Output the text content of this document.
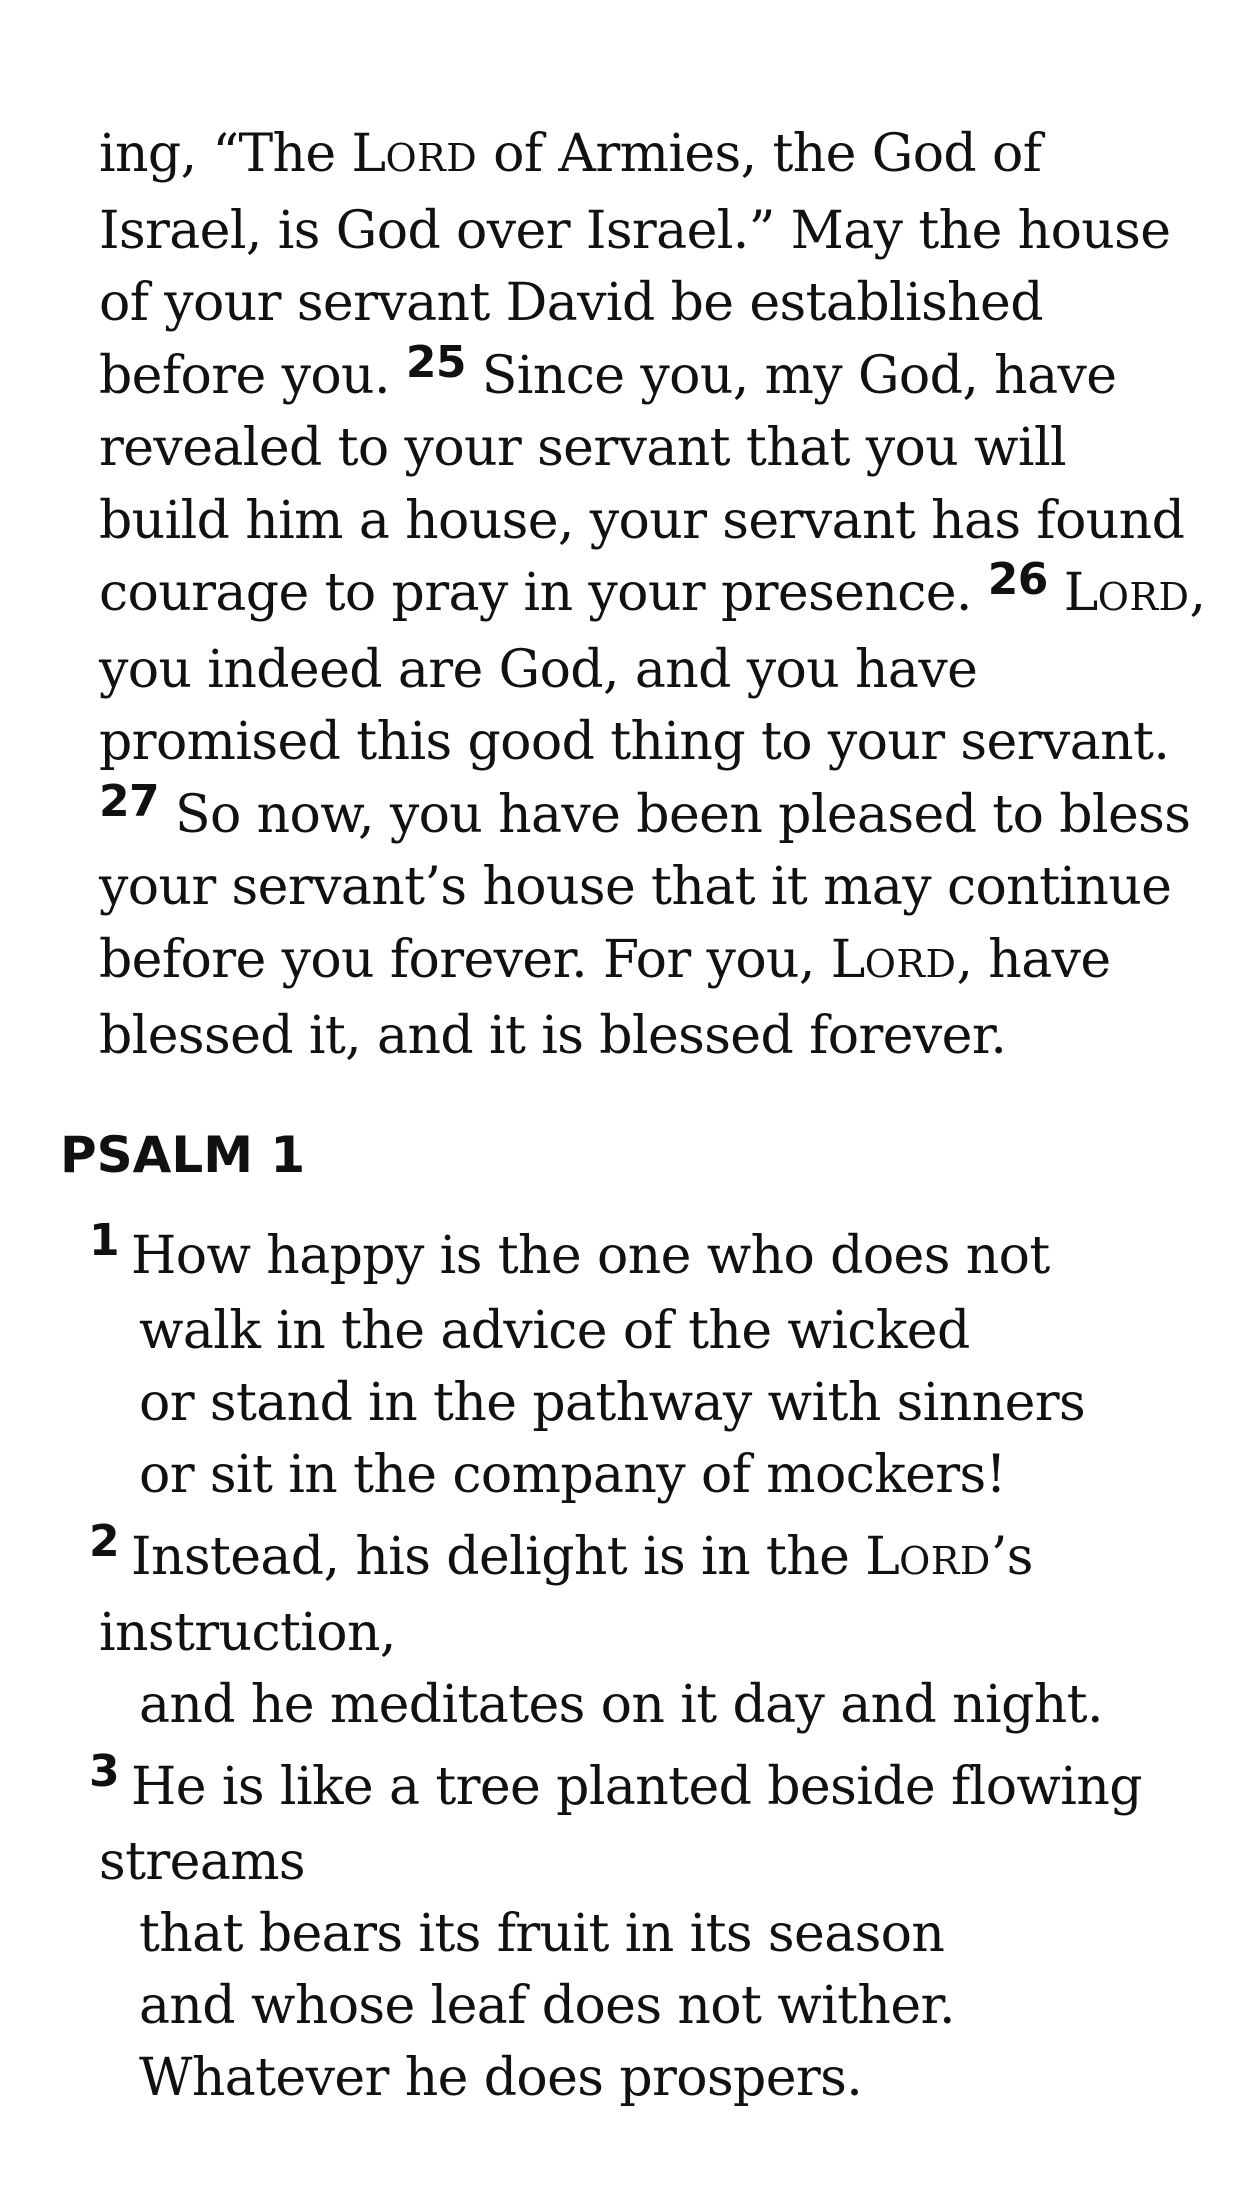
ing, “The LORD of Armies, the God of Israel, is God over Israel.” May the house of your servant David be established before you. $^{25}$ Since you, my God, have revealed to your servant that you will build him a house, your servant has found courage to pray in your presence. $^{26}$ LORD, you indeed are God, and you have promised this good thing to your servant. $^{27}$ So now, you have been pleased to bless your servant’s house that it may continue before you forever. For you, LORD, have blessed it, and it is blessed forever.

PSALM 1
$^1$ How happy is the one who does not
walk in the advice of the wicked
or stand in the pathway with sinners
or sit in the company of mockers!
$^2$ Instead, his delight is in the LORD’s
instruction,
and he meditates on it day and night.
$^3$ He is like a tree planted beside flowing
streams
that bears its fruit in its season
and whose leaf does not wither.
Whatever he does prospers.
